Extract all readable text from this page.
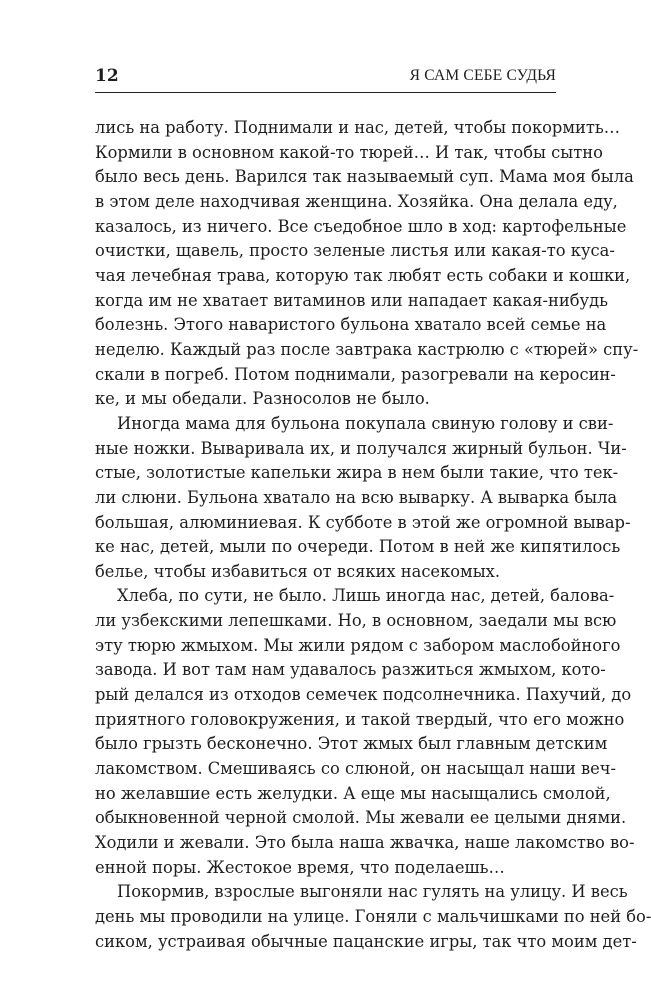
12	Я САМ СЕБЕ СУДЬЯ
лись на работу. Поднимали и нас, детей, чтобы покормить…
Кормили в основном какой-то тюрей… И так, чтобы сытно
было весь день. Варился так называемый суп. Мама моя была
в этом деле находчивая женщина. Хозяйка. Она делала еду,
казалось, из ничего. Все съедобное шло в ход: картофельные
очистки, щавель, просто зеленые листья или какая-то куса-
чая лечебная трава, которую так любят есть собаки и кошки,
когда им не хватает витаминов или нападает какая-нибудь
болезнь. Этого наваристого бульона хватало всей семье на
неделю. Каждый раз после завтрака кастрюлю с «тюрей» спу-
скали в погреб. Потом поднимали, разогревали на керосин-
ке, и мы обедали. Разносолов не было.
Иногда мама для бульона покупала свиную голову и сви-
ные ножки. Вываривала их, и получался жирный бульон. Чи-
стые, золотистые капельки жира в нем были такие, что тек-
ли слюни. Бульона хватало на всю выварку. А выварка была
большая, алюминиевая. К субботе в этой же огромной вывар-
ке нас, детей, мыли по очереди. Потом в ней же кипятилось
белье, чтобы избавиться от всяких насекомых.
Хлеба, по сути, не было. Лишь иногда нас, детей, балова-
ли узбекскими лепешками. Но, в основном, заедали мы всю
эту тюрю жмыхом. Мы жили рядом с забором маслобойного
завода. И вот там нам удавалось разжиться жмыхом, кото-
рый делался из отходов семечек подсолнечника. Пахучий, до
приятного головокружения, и такой твердый, что его можно
было грызть бесконечно. Этот жмых был главным детским
лакомством. Смешиваясь со слюной, он насыщал наши веч-
но желавшие есть желудки. А еще мы насыщались смолой,
обыкновенной черной смолой. Мы жевали ее целыми днями.
Ходили и жевали. Это была наша жвачка, наше лакомство во-
енной поры. Жестокое время, что поделаешь…
Покормив, взрослые выгоняли нас гулять на улицу. И весь
день мы проводили на улице. Гоняли с мальчишками по ней бо-
сиком, устраивая обычные пацанские игры, так что моим дет-
